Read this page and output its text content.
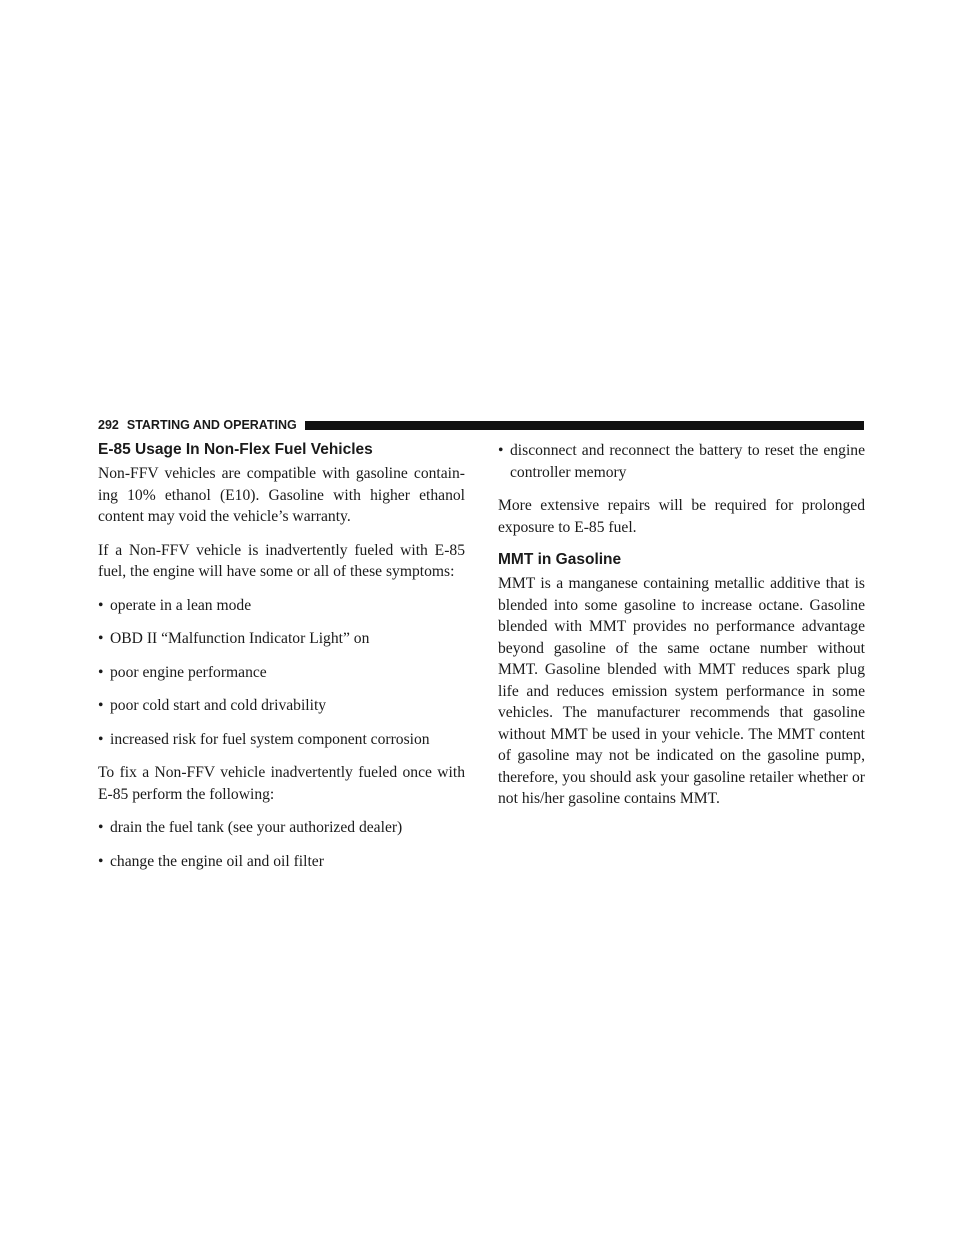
292 STARTING AND OPERATING
E-85 Usage In Non-Flex Fuel Vehicles

Non-FFV vehicles are compatible with gasoline contain-ing 10% ethanol (E10). Gasoline with higher ethanol content may void the vehicle’s warranty.

If a Non-FFV vehicle is inadvertently fueled with E-85 fuel, the engine will have some or all of these symptoms:

• operate in a lean mode
• OBD II “Malfunction Indicator Light” on
• poor engine performance
• poor cold start and cold drivability
• increased risk for fuel system component corrosion

To fix a Non-FFV vehicle inadvertently fueled once with E-85 perform the following:

• drain the fuel tank (see your authorized dealer)
• change the engine oil and oil filter
• disconnect and reconnect the battery to reset the engine controller memory

More extensive repairs will be required for prolonged exposure to E-85 fuel.

MMT in Gasoline

MMT is a manganese containing metallic additive that is blended into some gasoline to increase octane. Gasoline blended with MMT provides no performance advantage beyond gasoline of the same octane number without MMT. Gasoline blended with MMT reduces spark plug life and reduces emission system performance in some vehicles. The manufacturer recommends that gasoline without MMT be used in your vehicle. The MMT content of gasoline may not be indicated on the gasoline pump, therefore, you should ask your gasoline retailer whether or not his/her gasoline contains MMT.
